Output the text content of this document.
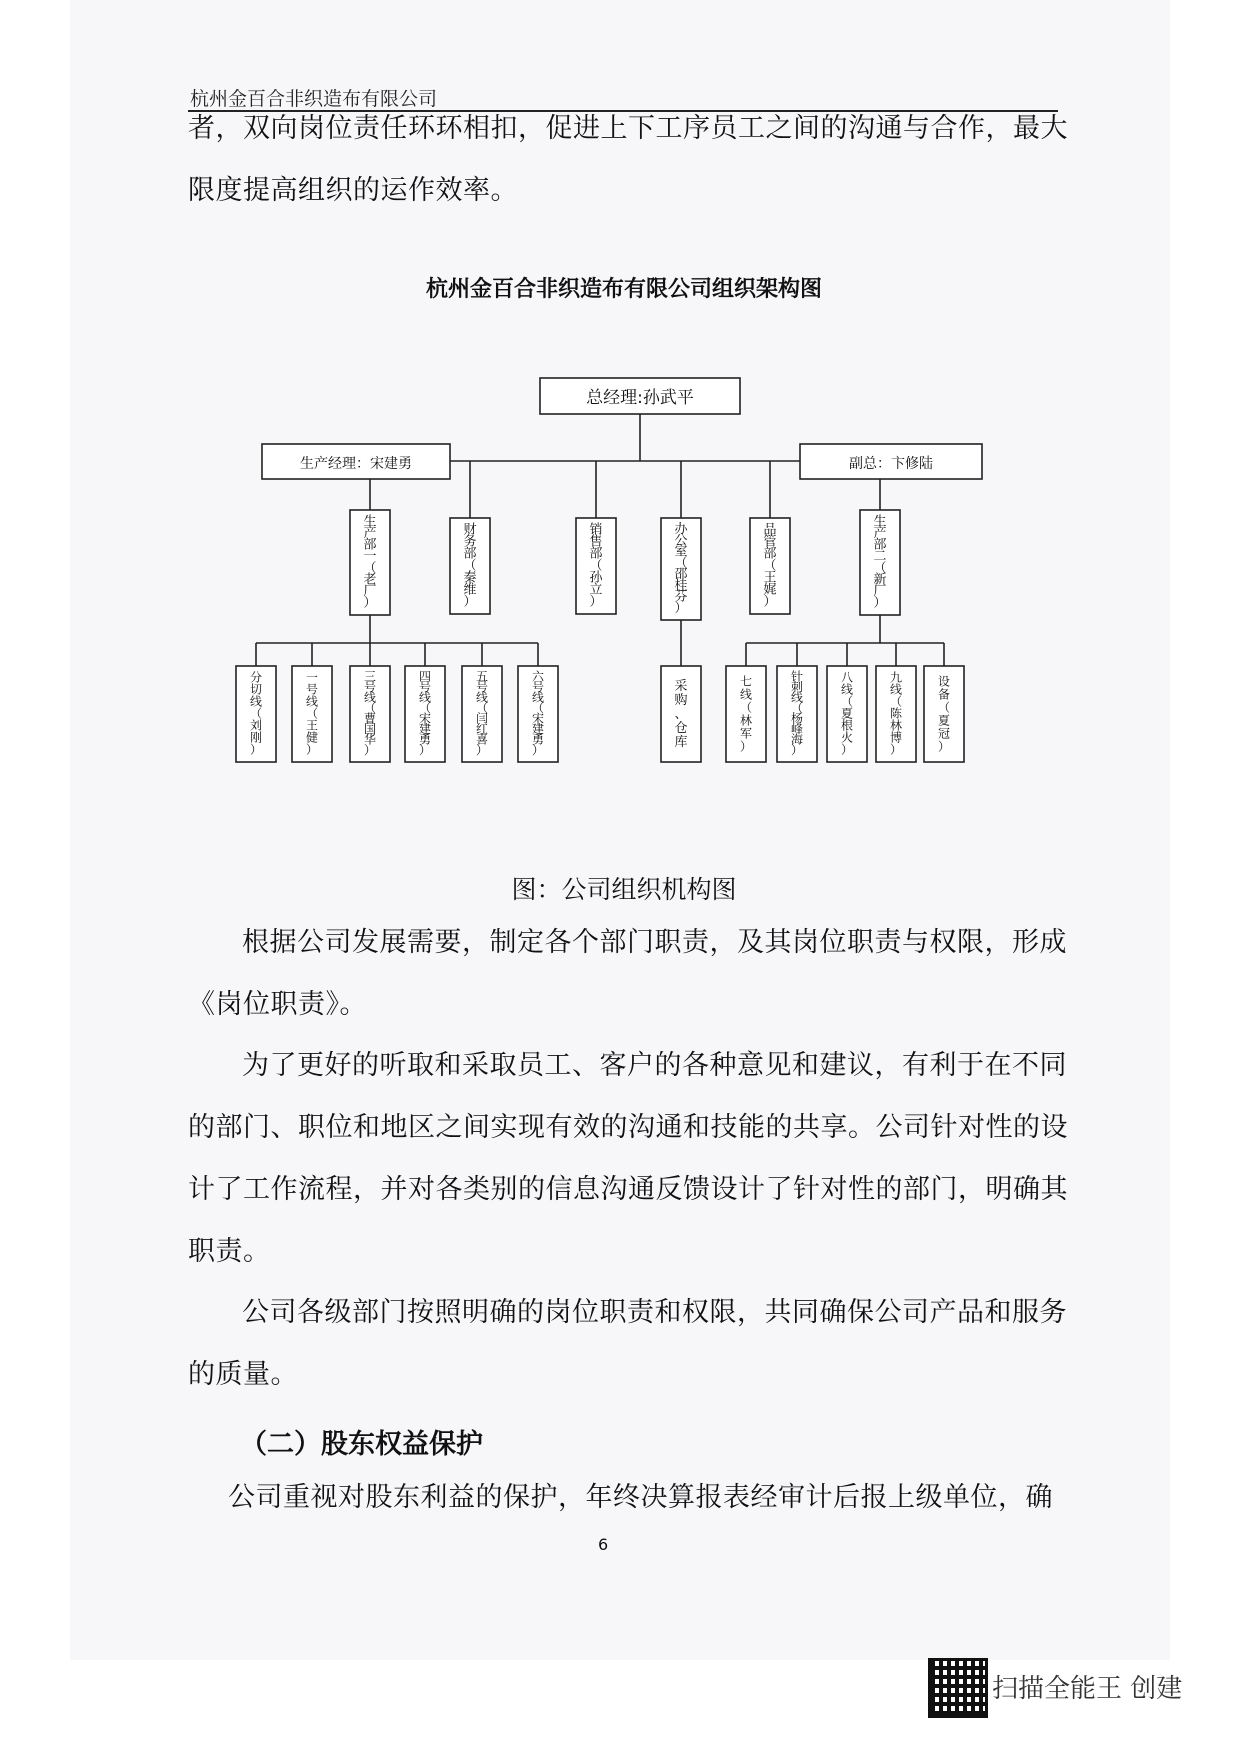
杭州金百合非织造布有限公司
者，双向岗位责任环环相扣，促进上下工序员工之间的沟通与合作，最大
限度提高组织的运作效率。
杭州金百合非织造布有限公司组织架构图
总经理:孙武平
生产经理：宋建勇	副总：卞修陆
生产部一（老厂）
财务部（秦维）
销售部（孙立）
办公室（邵桂芬）
品管部（王娓）
生产部二（新厂）
分切线（刘刚）
一号线（王健）
三号线（曹国华）
四号线（宋建勇）
五号线（闫红喜）
六号线（宋建勇）
采购、仓库
七线（林军）
针刺线（杨峰海）
八线（夏根火）
九线（陈林博）
设备（夏冠）
图：公司组织机构图
根据公司发展需要，制定各个部门职责，及其岗位职责与权限，形成
《岗位职责》。
为了更好的听取和采取员工、客户的各种意见和建议，有利于在不同
的部门、职位和地区之间实现有效的沟通和技能的共享。公司针对性的设
计了工作流程，并对各类别的信息沟通反馈设计了针对性的部门，明确其
职责。
公司各级部门按照明确的岗位职责和权限，共同确保公司产品和服务
的质量。
（二）股东权益保护
公司重视对股东利益的保护，年终决算报表经审计后报上级单位，确
6
扫描全能王 创建
